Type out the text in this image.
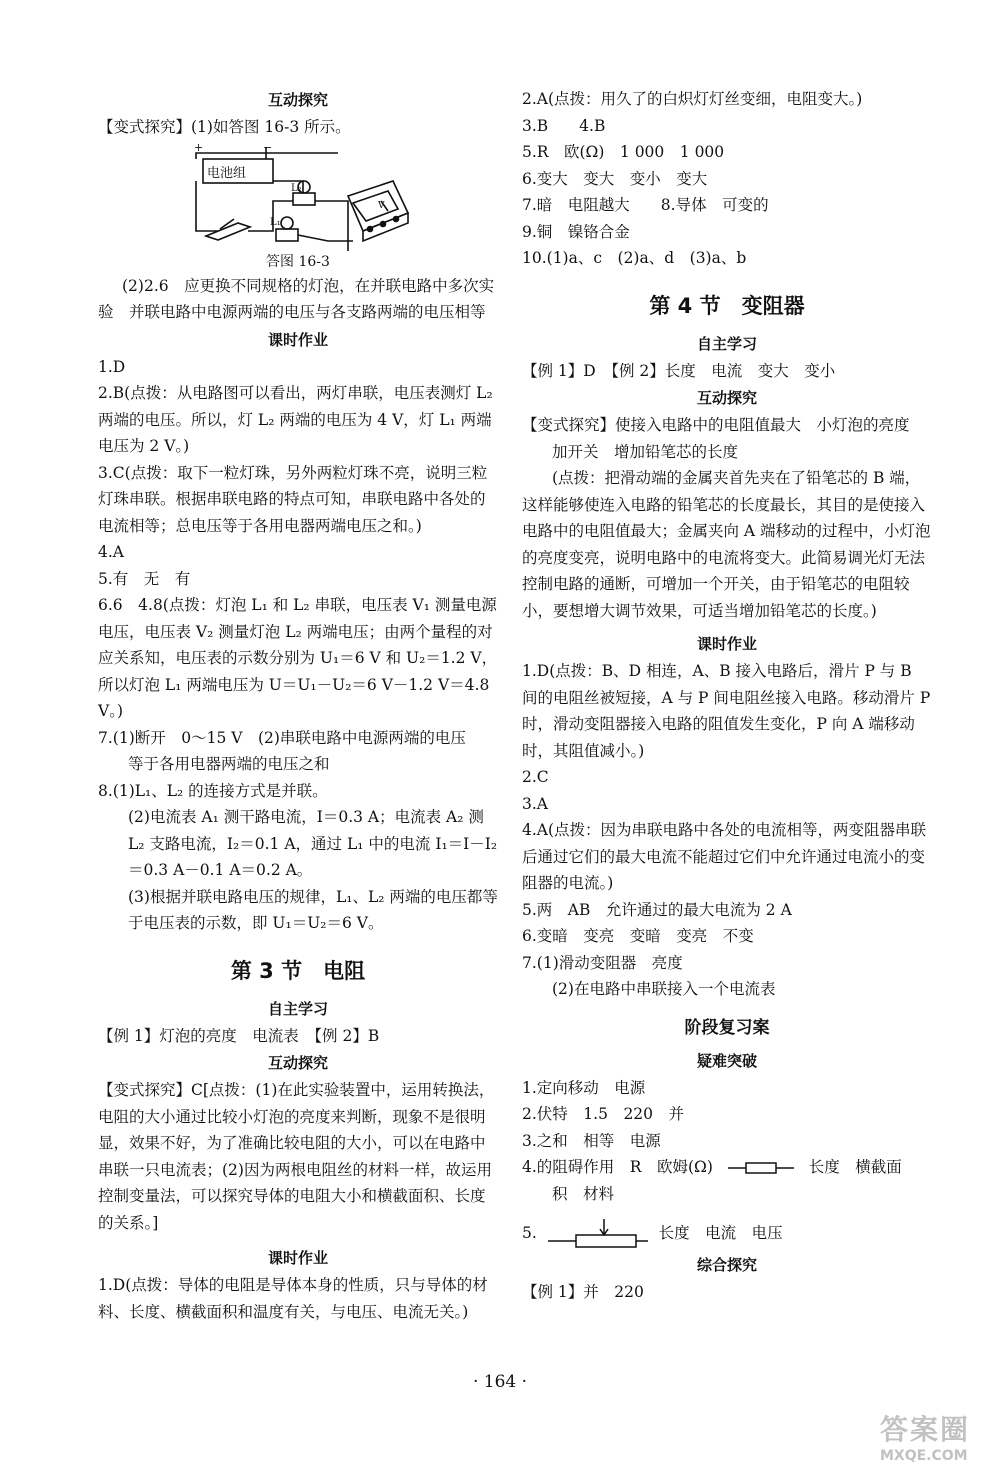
互动探究

【变式探究】(1)如答图 16-3 所示。

+	−
L₂
L₁
V
电池组
答图 16-3

(2)2.6　应更换不同规格的灯泡，在并联电路中多次实验　并联电路中电源两端的电压与各支路两端的电压相等

课时作业

1.D

2.B(点拨：从电路图可以看出，两灯串联，电压表测灯 L₂ 两端的电压。所以，灯 L₂ 两端的电压为 4 V，灯 L₁ 两端电压为 2 V。)

3.C(点拨：取下一粒灯珠，另外两粒灯珠不亮，说明三粒灯珠串联。根据串联电路的特点可知，串联电路中各处的电流相等；总电压等于各用电器两端电压之和。)

4.A

5.有　无　有

6.6　4.8(点拨：灯泡 L₁ 和 L₂ 串联，电压表 V₁ 测量电源电压，电压表 V₂ 测量灯泡 L₂ 两端电压；由两个量程的对应关系知，电压表的示数分别为 U₁＝6 V 和 U₂＝1.2 V，所以灯泡 L₁ 两端电压为 U＝U₁－U₂＝6 V－1.2 V＝4.8 V。)

7.(1)断开　0～15 V　(2)串联电路中电源两端的电压

等于各用电器两端的电压之和

8.(1)L₁、L₂ 的连接方式是并联。

(2)电流表 A₁ 测干路电流，I＝0.3 A；电流表 A₂ 测 L₂ 支路电流，I₂＝0.1 A，通过 L₁ 中的电流 I₁＝I－I₂＝0.3 A－0.1 A＝0.2 A。

(3)根据并联电路电压的规律，L₁、L₂ 两端的电压都等于电压表的示数，即 U₁＝U₂＝6 V。

第 3 节　电阻
自主学习

【例 1】灯泡的亮度　电流表　【例 2】B

互动探究

【变式探究】C[点拨：(1)在此实验装置中，运用转换法，电阻的大小通过比较小灯泡的亮度来判断，现象不是很明显，效果不好，为了准确比较电阻的大小，可以在电路中串联一只电流表；(2)因为两根电阻丝的材料一样，故运用控制变量法，可以探究导体的电阻大小和横截面积、长度的关系。]

课时作业

1.D(点拨：导体的电阻是导体本身的性质，只与导体的材料、长度、横截面积和温度有关，与电压、电流无关。)

2.A(点拨：用久了的白炽灯灯丝变细，电阻变大。)

3.B　　4.B

5.R　欧(Ω)　1 000　1 000

6.变大　变大　变小　变大

7.暗　电阻越大　　8.导体　可变的

9.铜　镍铬合金

10.(1)a、c　(2)a、d　(3)a、b

第 4 节　变阻器
自主学习

【例 1】D　【例 2】长度　电流　变大　变小

互动探究

【变式探究】使接入电路中的电阻值最大　小灯泡的亮度

加开关　增加铅笔芯的长度

(点拨：把滑动端的金属夹首先夹在了铅笔芯的 B 端，这样能够使连入电路的铅笔芯的长度最长，其目的是使接入电路中的电阻值最大；金属夹向 A 端移动的过程中，小灯泡的亮度变亮，说明电路中的电流将变大。此简易调光灯无法控制电路的通断，可增加一个开关，由于铅笔芯的电阻较小，要想增大调节效果，可适当增加铅笔芯的长度。)

课时作业

1.D(点拨：B、D 相连，A、B 接入电路后，滑片 P 与 B 间的电阻丝被短接，A 与 P 间电阻丝接入电路。移动滑片 P 时，滑动变阻器接入电路的阻值发生变化，P 向 A 端移动时，其阻值减小。)

2.C

3.A

4.A(点拨：因为串联电路中各处的电流相等，两变阻器串联后通过它们的最大电流不能超过它们中允许通过电流小的变阻器的电流。)

5.两　AB　允许通过的最大电流为 2 A

6.变暗　变亮　变暗　变亮　不变

7.(1)滑动变阻器　亮度

(2)在电路中串联接入一个电流表

阶段复习案
疑难突破

1.定向移动　电源

2.伏特　1.5　220　并

3.之和　相等　电源

4.的阻碍作用　R　欧姆(Ω)	长度　横截面

积　材料

5.	长度　电流　电压

综合探究

【例 1】并　220

· 164 ·
答案圈
MXQE.COM
